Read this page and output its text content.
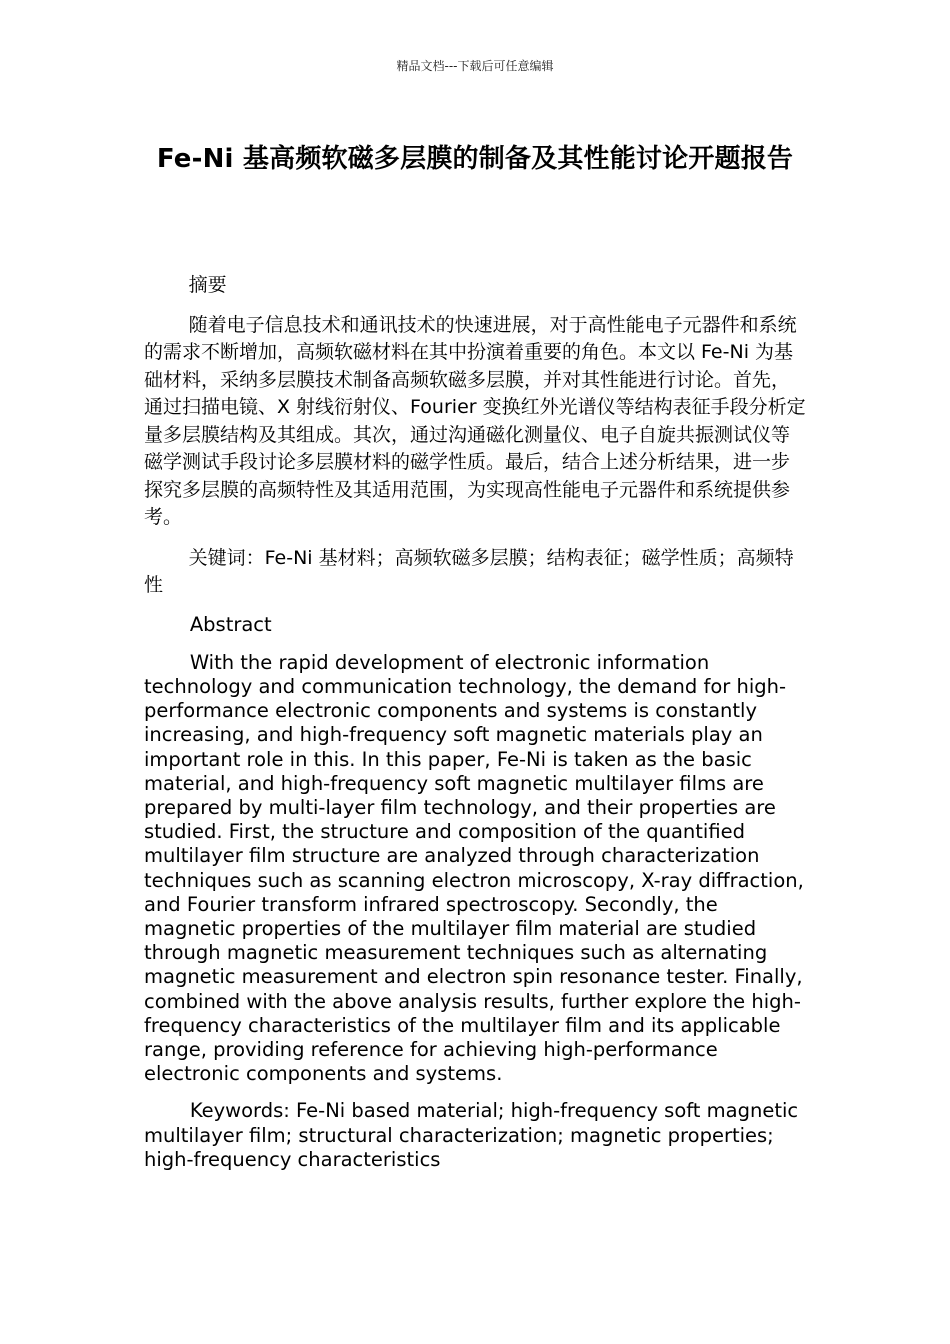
精品文档---下载后可任意编辑
Fe-Ni 基高频软磁多层膜的制备及其性能讨论开题报告

摘要

随着电子信息技术和通讯技术的快速进展，对于高性能电子元器件和系统的需求不断增加，高频软磁材料在其中扮演着重要的角色。本文以 Fe-Ni 为基础材料，采纳多层膜技术制备高频软磁多层膜，并对其性能进行讨论。首先，通过扫描电镜、X 射线衍射仪、Fourier 变换红外光谱仪等结构表征手段分析定量多层膜结构及其组成。其次，通过沟通磁化测量仪、电子自旋共振测试仪等磁学测试手段讨论多层膜材料的磁学性质。最后，结合上述分析结果，进一步探究多层膜的高频特性及其适用范围，为实现高性能电子元器件和系统提供参考。

关键词：Fe-Ni 基材料；高频软磁多层膜；结构表征；磁学性质；高频特性

Abstract

With the rapid development of electronic information technology and communication technology, the demand for high-performance electronic components and systems is constantly increasing, and high-frequency soft magnetic materials play an important role in this. In this paper, Fe-Ni is taken as the basic material, and high-frequency soft magnetic multilayer films are prepared by multi-layer film technology, and their properties are studied. First, the structure and composition of the quantified multilayer film structure are analyzed through characterization techniques such as scanning electron microscopy, X-ray diffraction, and Fourier transform infrared spectroscopy. Secondly, the magnetic properties of the multilayer film material are studied through magnetic measurement techniques such as alternating magnetic measurement and electron spin resonance tester. Finally, combined with the above analysis results, further explore the high-frequency characteristics of the multilayer film and its applicable range, providing reference for achieving high-performance electronic components and systems.

Keywords: Fe-Ni based material; high-frequency soft magnetic multilayer film; structural characterization; magnetic properties; high-frequency characteristics
